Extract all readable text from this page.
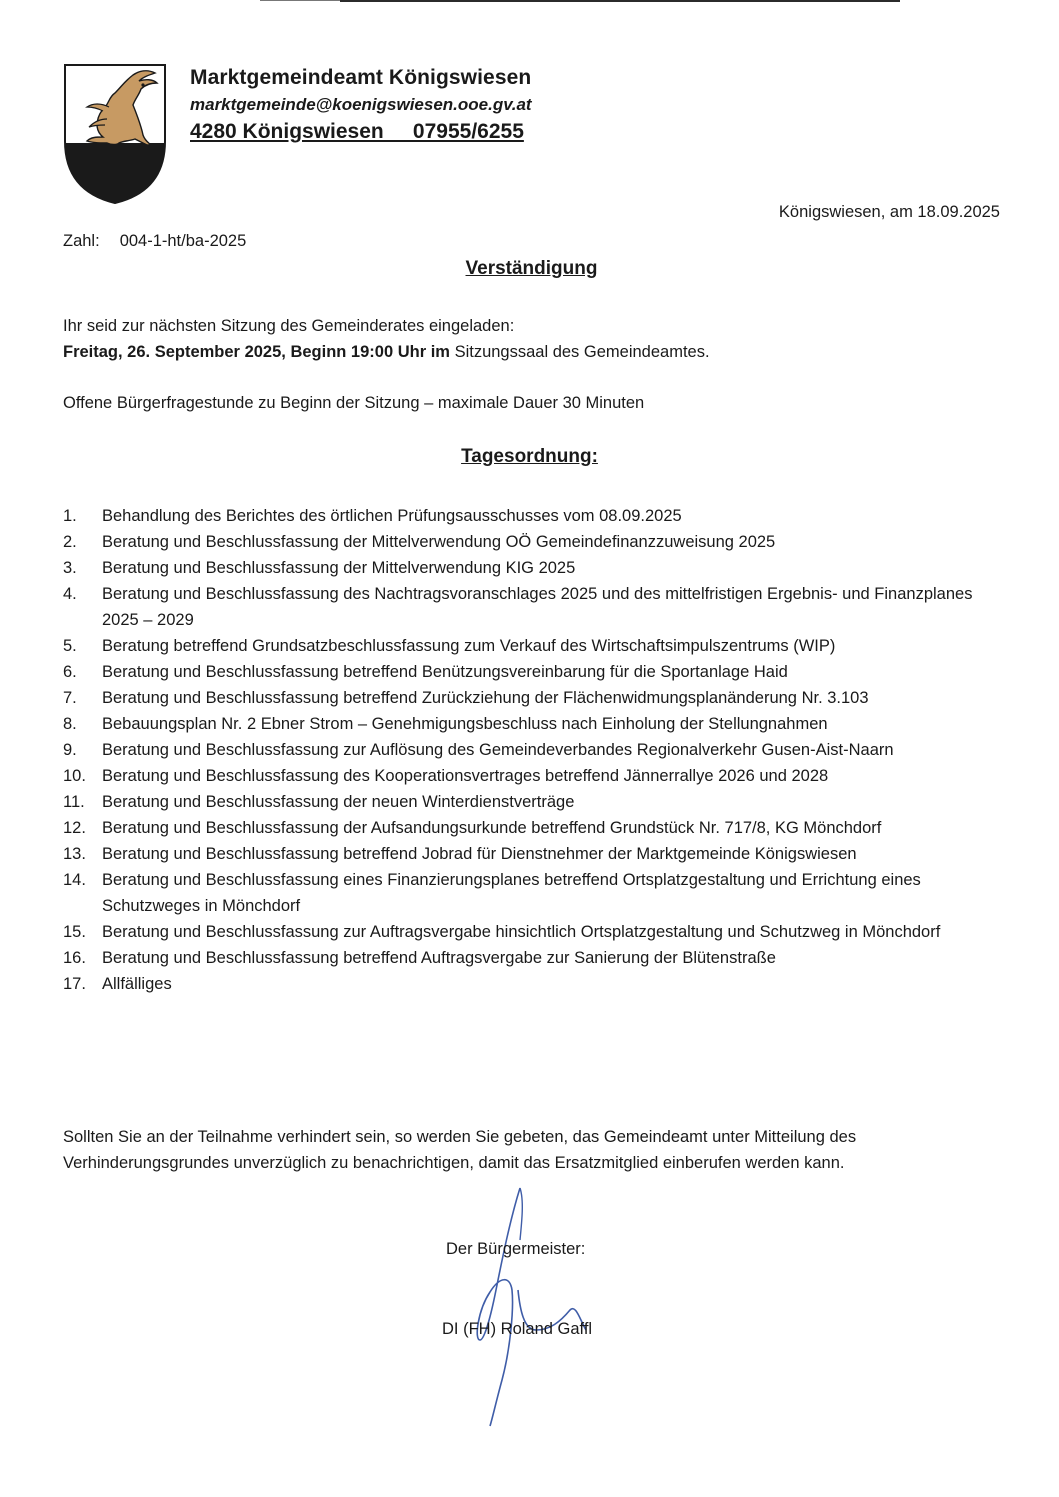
Marktgemeindeamt Königswiesen
marktgemeinde@koenigswiesen.ooe.gv.at
4280 Königswiesen     07955/6255
Königswiesen, am 18.09.2025
Zahl: 004-1-ht/ba-2025
Verständigung
Ihr seid zur nächsten Sitzung des Gemeinderates eingeladen:
Freitag, 26. September 2025, Beginn 19:00 Uhr im Sitzungssaal des Gemeindeamtes.
Offene Bürgerfragestunde zu Beginn der Sitzung – maximale Dauer 30 Minuten
Tagesordnung:
1. Behandlung des Berichtes des örtlichen Prüfungsausschusses vom 08.09.2025
2. Beratung und Beschlussfassung der Mittelverwendung OÖ Gemeindefinanzzuweisung 2025
3. Beratung und Beschlussfassung der Mittelverwendung KIG 2025
4. Beratung und Beschlussfassung des Nachtragsvoranschlages 2025 und des mittelfristigen Ergebnis- und Finanzplanes 2025 – 2029
5. Beratung betreffend Grundsatzbeschlussfassung zum Verkauf des Wirtschaftsimpulszentrums (WIP)
6. Beratung und Beschlussfassung betreffend Benützungsvereinbarung für die Sportanlage Haid
7. Beratung und Beschlussfassung betreffend Zurückziehung der Flächenwidmungsplanänderung Nr. 3.103
8. Bebauungsplan Nr. 2 Ebner Strom – Genehmigungsbeschluss nach Einholung der Stellungnahmen
9. Beratung und Beschlussfassung zur Auflösung des Gemeindeverbandes Regionalverkehr Gusen-Aist-Naarn
10. Beratung und Beschlussfassung des Kooperationsvertrages betreffend Jännerrallye 2026 und 2028
11. Beratung und Beschlussfassung der neuen Winterdienstverträge
12. Beratung und Beschlussfassung der Aufsandungsurkunde betreffend Grundstück Nr. 717/8, KG Mönchdorf
13. Beratung und Beschlussfassung betreffend Jobrad für Dienstnehmer der Marktgemeinde Königswiesen
14. Beratung und Beschlussfassung eines Finanzierungsplanes betreffend Ortsplatzgestaltung und Errichtung eines Schutzweges in Mönchdorf
15. Beratung und Beschlussfassung zur Auftragsvergabe hinsichtlich Ortsplatzgestaltung und Schutzweg in Mönchdorf
16. Beratung und Beschlussfassung betreffend Auftragsvergabe zur Sanierung der Blütenstraße
17. Allfälliges
Sollten Sie an der Teilnahme verhindert sein, so werden Sie gebeten, das Gemeindeamt unter Mitteilung des Verhinderungsgrundes unverzüglich zu benachrichtigen, damit das Ersatzmitglied einberufen werden kann.
Der Bürgermeister:
DI (FH) Roland Gaffl
